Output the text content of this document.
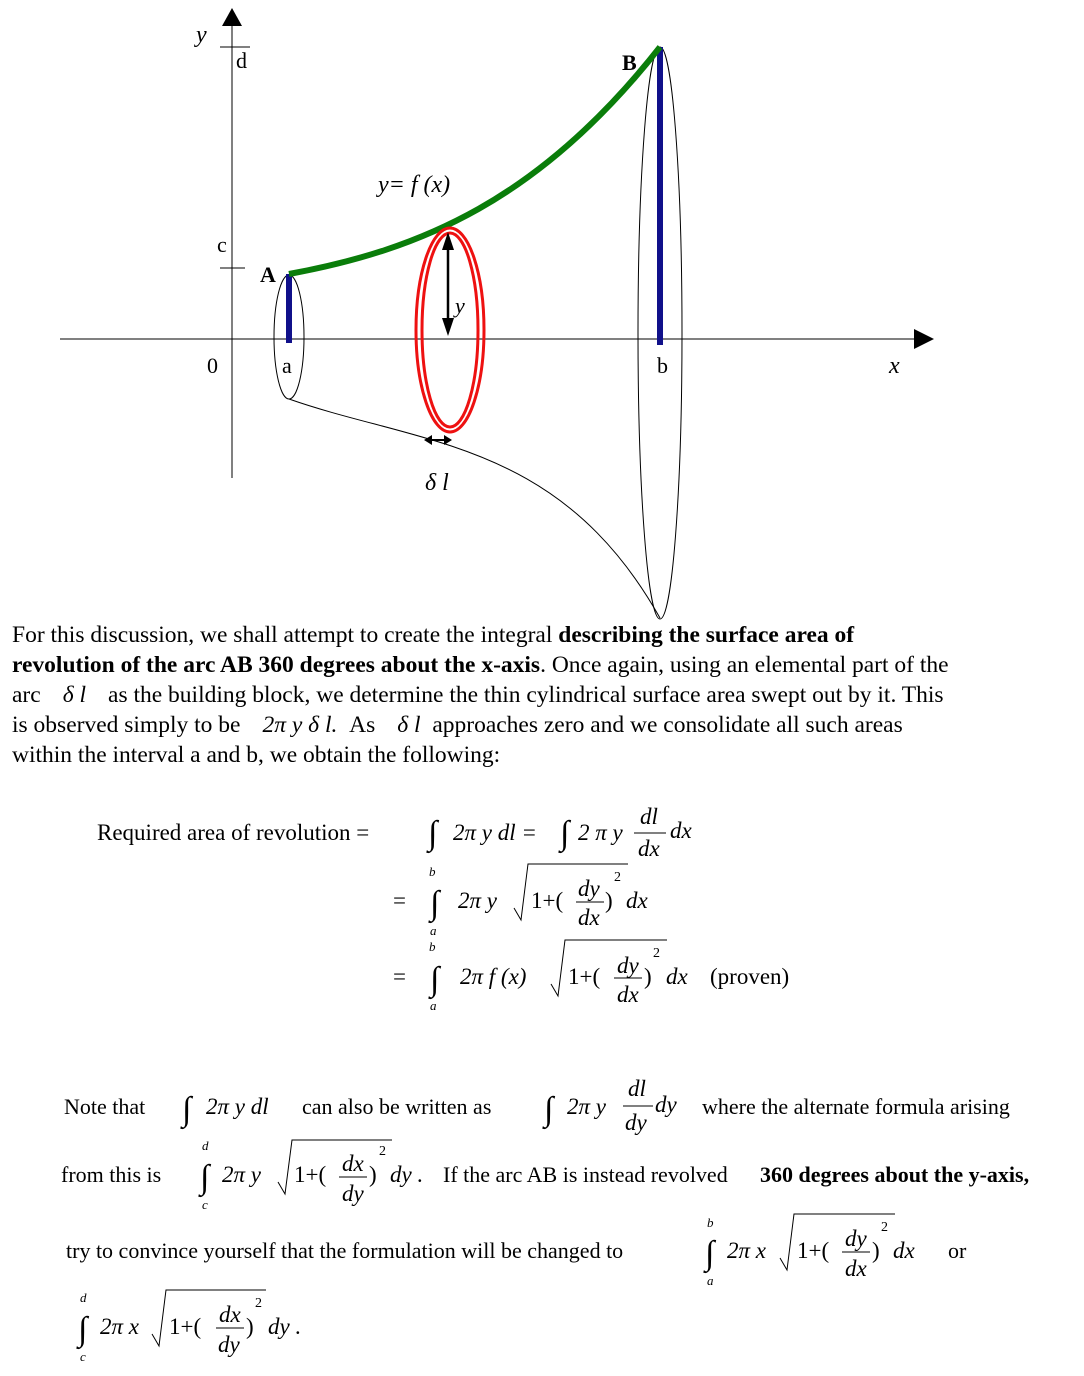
y
d
c
0	a	b	x
A
B
y= f (x)
y
δ l
For this discussion, we shall attempt to create the integral describing the surface area of
revolution of the arc AB 360 degrees about the x-axis. Once again, using an elemental part of the
arc δ l as the building block, we determine the thin cylindrical surface area swept out by it. This
is observed simply to be 2π y δ l. As δ l approaches zero and we consolidate all such areas
within the interval a and b, we obtain the following:
Required area of revolution = ∫ 2π y dl = ∫ 2 π y
dl
dx
dx
=
b
∫
a
2π y 1+( dy
dx
)
2
dx
=
b
∫
a
2π f (x) 1+( dy
dx
)
2
dx (proven)
Note that ∫ 2π y dl can also be written as ∫ 2π y
dl
dy
dy where the alternate formula arising
from this is
d
∫
c
2π y 1+( dx
dy
)
2
dy . If the arc AB is instead revolved 360 degrees about the y-axis,
try to convince yourself that the formulation will be changed to
b
∫
a
2π x 1+( dy
dx
)
2
dx or
d
∫
c
2π x 1+( dx
dy
)
2
dy .
